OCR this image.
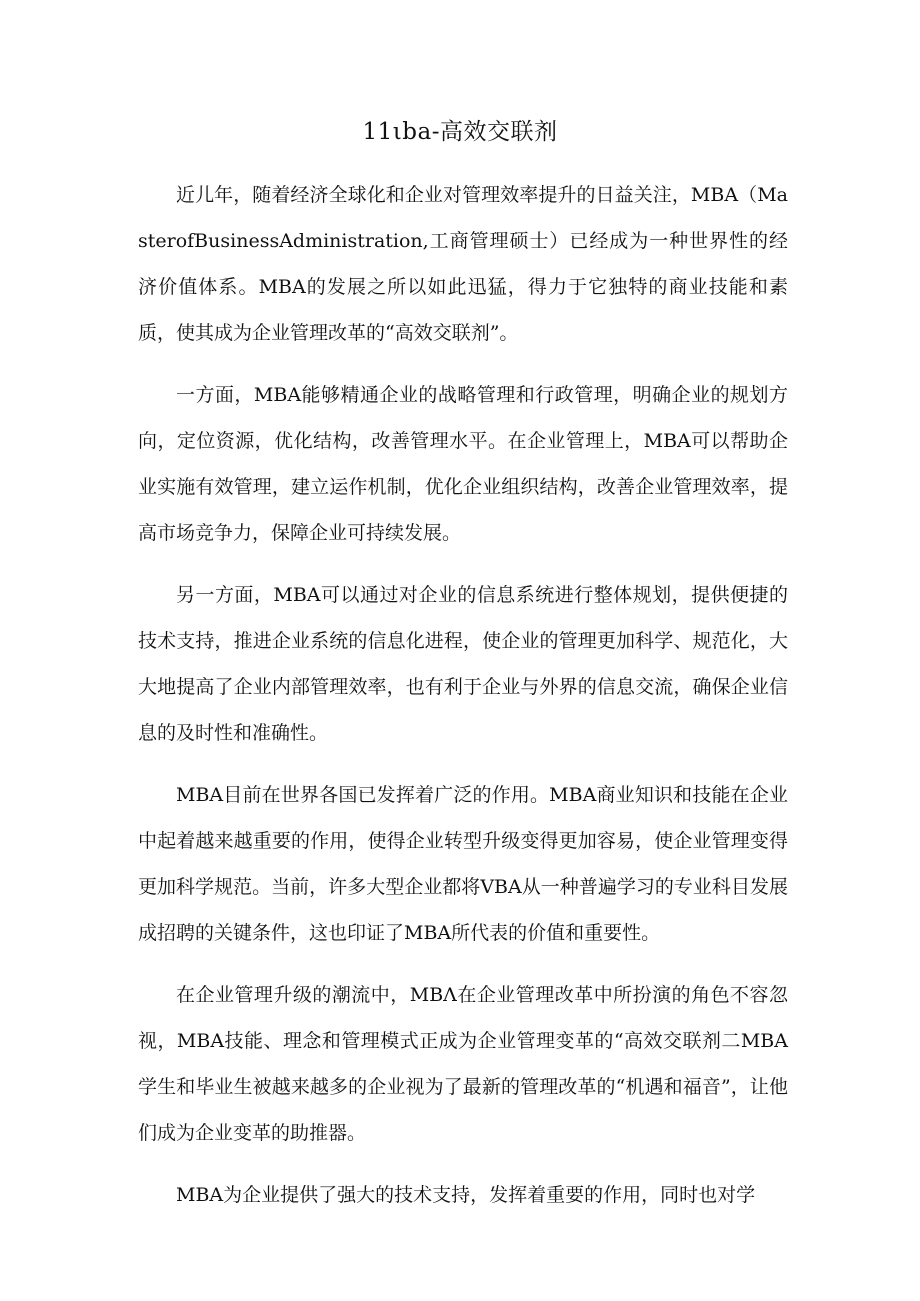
11ιba-高效交联剂

近儿年，随着经济全球化和企业对管理效率提升的日益关注，MBA（MasterofBusinessAdministration,工商管理硕士）已经成为一种世界性的经济价值体系。MBA的发展之所以如此迅猛，得力于它独特的商业技能和素质，使其成为企业管理改革的“高效交联剂”。

一方面，MBA能够精通企业的战略管理和行政管理，明确企业的规划方向，定位资源，优化结构，改善管理水平。在企业管理上，MBA可以帮助企业实施有效管理，建立运作机制，优化企业组织结构，改善企业管理效率，提高市场竞争力，保障企业可持续发展。

另一方面，MBA可以通过对企业的信息系统进行整体规划，提供便捷的技术支持，推进企业系统的信息化进程，使企业的管理更加科学、规范化，大大地提高了企业内部管理效率，也有利于企业与外界的信息交流，确保企业信息的及时性和准确性。

MBA目前在世界各国已发挥着广泛的作用。MBA商业知识和技能在企业中起着越来越重要的作用，使得企业转型升级变得更加容易，使企业管理变得更加科学规范。当前，许多大型企业都将VBA从一种普遍学习的专业科目发展成招聘的关键条件，这也印证了MBA所代表的价值和重要性。

在企业管理升级的潮流中，MBΛ在企业管理改革中所扮演的角色不容忽视，MBA技能、理念和管理模式正成为企业管理变革的“高效交联剂二MBA学生和毕业生被越来越多的企业视为了最新的管理改革的“机遇和福音”，让他们成为企业变革的助推器。

MBA为企业提供了强大的技术支持，发挥着重要的作用，同时也对学
